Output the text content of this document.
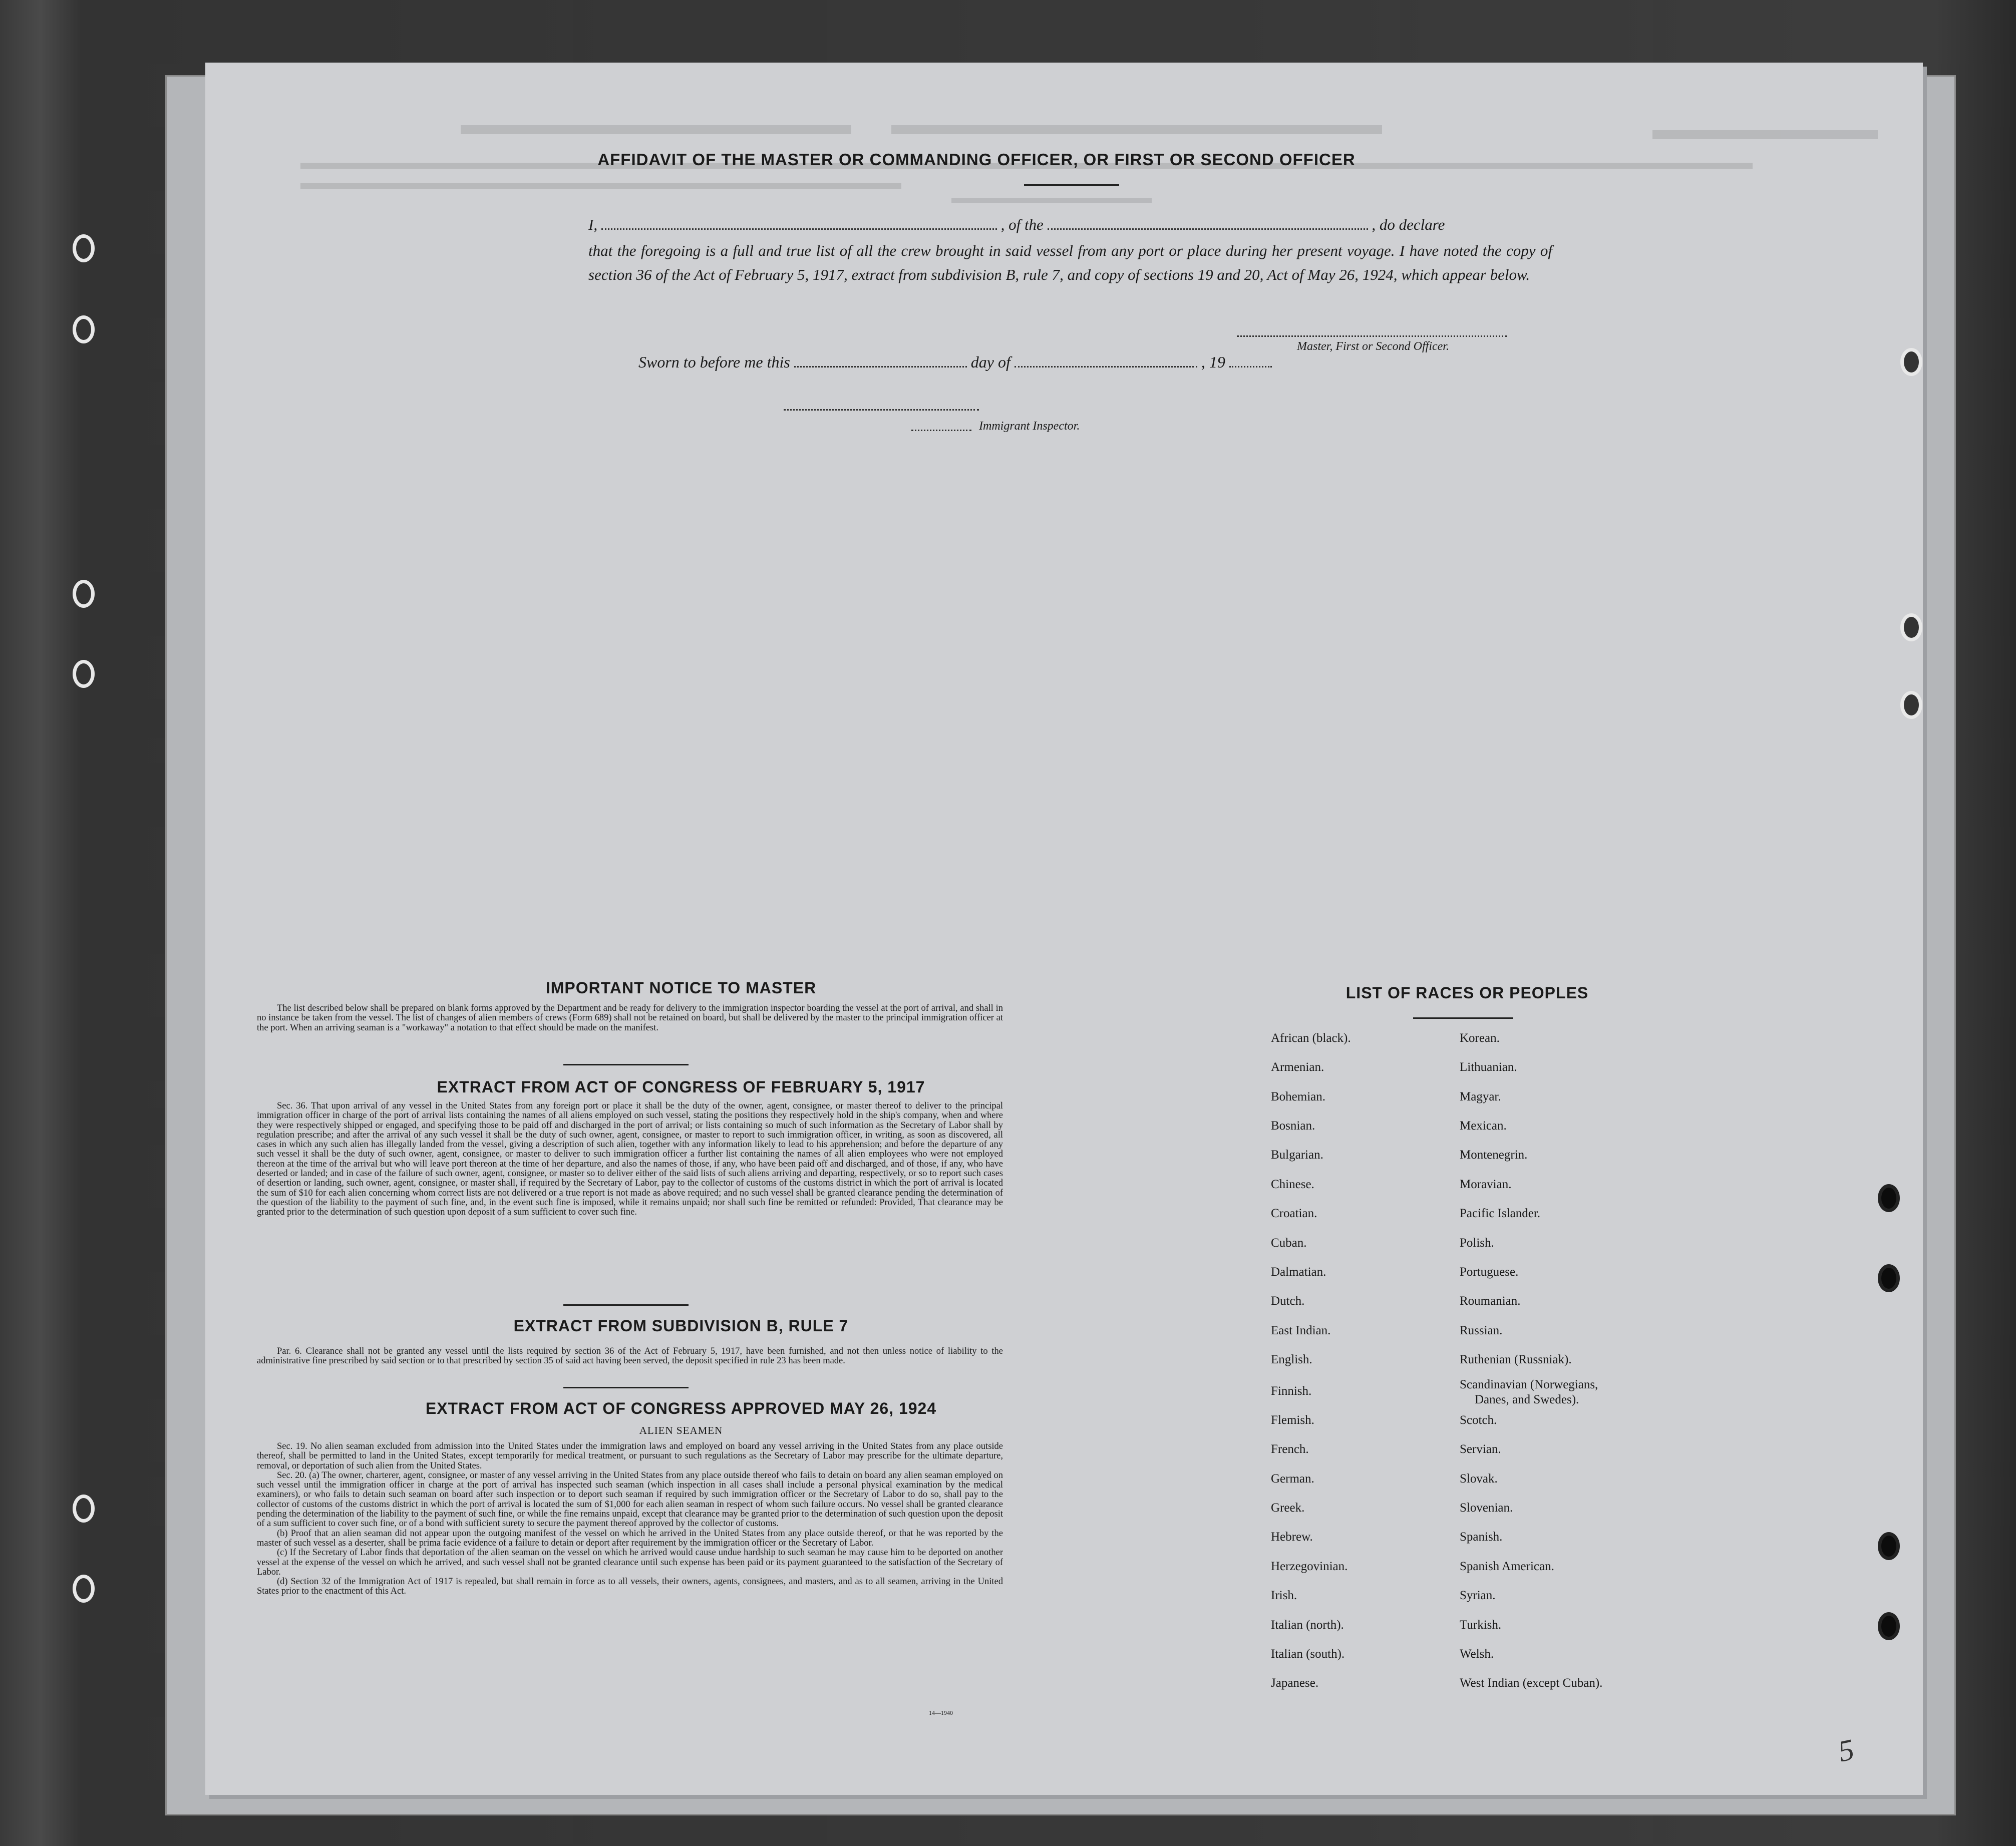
AFFIDAVIT OF THE MASTER OR COMMANDING OFFICER, OR FIRST OR SECOND OFFICER
I,	, of the	, do declare
that the foregoing is a full and true list of all the crew brought in said vessel from any port or place during her present voyage. I have noted the copy of section 36 of the Act of February 5, 1917, extract from subdivision B, rule 7, and copy of sections 19 and 20, Act of May 26, 1924, which appear below.
Master, First or Second Officer.
Sworn to before me this	day of	, 19
Immigrant Inspector.
IMPORTANT NOTICE TO MASTER

The list described below shall be prepared on blank forms approved by the Department and be ready for delivery to the immigration inspector boarding the vessel at the port of arrival, and shall in no instance be taken from the vessel. The list of changes of alien members of crews (Form 689) shall not be retained on board, but shall be delivered by the master to the principal immigration officer at the port. When an arriving seaman is a "workaway" a notation to that effect should be made on the manifest.

EXTRACT FROM ACT OF CONGRESS OF FEBRUARY 5, 1917

Sec. 36. That upon arrival of any vessel in the United States from any foreign port or place it shall be the duty of the owner, agent, consignee, or master thereof to deliver to the principal immigration officer in charge of the port of arrival lists containing the names of all aliens employed on such vessel, stating the positions they respectively hold in the ship's company, when and where they were respectively shipped or engaged, and specifying those to be paid off and discharged in the port of arrival; or lists containing so much of such information as the Secretary of Labor shall by regulation prescribe; and after the arrival of any such vessel it shall be the duty of such owner, agent, consignee, or master to report to such immigration officer, in writing, as soon as discovered, all cases in which any such alien has illegally landed from the vessel, giving a description of such alien, together with any information likely to lead to his apprehension; and before the departure of any such vessel it shall be the duty of such owner, agent, consignee, or master to deliver to such immigration officer a further list containing the names of all alien employees who were not employed thereon at the time of the arrival but who will leave port thereon at the time of her departure, and also the names of those, if any, who have been paid off and discharged, and of those, if any, who have deserted or landed; and in case of the failure of such owner, agent, consignee, or master so to deliver either of the said lists of such aliens arriving and departing, respectively, or so to report such cases of desertion or landing, such owner, agent, consignee, or master shall, if required by the Secretary of Labor, pay to the collector of customs of the customs district in which the port of arrival is located the sum of $10 for each alien concerning whom correct lists are not delivered or a true report is not made as above required; and no such vessel shall be granted clearance pending the determination of the question of the liability to the payment of such fine, and, in the event such fine is imposed, while it remains unpaid; nor shall such fine be remitted or refunded: Provided, That clearance may be granted prior to the determination of such question upon deposit of a sum sufficient to cover such fine.

EXTRACT FROM SUBDIVISION B, RULE 7

Par. 6. Clearance shall not be granted any vessel until the lists required by section 36 of the Act of February 5, 1917, have been furnished, and not then unless notice of liability to the administrative fine prescribed by said section or to that prescribed by section 35 of said act having been served, the deposit specified in rule 23 has been made.

EXTRACT FROM ACT OF CONGRESS APPROVED MAY 26, 1924
ALIEN SEAMEN

Sec. 19. No alien seaman excluded from admission into the United States under the immigration laws and employed on board any vessel arriving in the United States from any place outside thereof, shall be permitted to land in the United States, except temporarily for medical treatment, or pursuant to such regulations as the Secretary of Labor may prescribe for the ultimate departure, removal, or deportation of such alien from the United States.

Sec. 20. (a) The owner, charterer, agent, consignee, or master of any vessel arriving in the United States from any place outside thereof who fails to detain on board any alien seaman employed on such vessel until the immigration officer in charge at the port of arrival has inspected such seaman (which inspection in all cases shall include a personal physical examination by the medical examiners), or who fails to detain such seaman on board after such inspection or to deport such seaman if required by such immigration officer or the Secretary of Labor to do so, shall pay to the collector of customs of the customs district in which the port of arrival is located the sum of $1,000 for each alien seaman in respect of whom such failure occurs. No vessel shall be granted clearance pending the determination of the liability to the payment of such fine, or while the fine remains unpaid, except that clearance may be granted prior to the determination of such question upon the deposit of a sum sufficient to cover such fine, or of a bond with sufficient surety to secure the payment thereof approved by the collector of customs.

(b) Proof that an alien seaman did not appear upon the outgoing manifest of the vessel on which he arrived in the United States from any place outside thereof, or that he was reported by the master of such vessel as a deserter, shall be prima facie evidence of a failure to detain or deport after requirement by the immigration officer or the Secretary of Labor.

(c) If the Secretary of Labor finds that deportation of the alien seaman on the vessel on which he arrived would cause undue hardship to such seaman he may cause him to be deported on another vessel at the expense of the vessel on which he arrived, and such vessel shall not be granted clearance until such expense has been paid or its payment guaranteed to the satisfaction of the Secretary of Labor.

(d) Section 32 of the Immigration Act of 1917 is repealed, but shall remain in force as to all vessels, their owners, agents, consignees, and masters, and as to all seamen, arriving in the United States prior to the enactment of this Act.

14—1940
LIST OF RACES OR PEOPLES
African (black).
Armenian.
Bohemian.
Bosnian.
Bulgarian.
Chinese.
Croatian.
Cuban.
Dalmatian.
Dutch.
East Indian.
English.
Finnish.
Flemish.
French.
German.
Greek.
Hebrew.
Herzegovinian.
Irish.
Italian (north).
Italian (south).
Japanese.
Korean.
Lithuanian.
Magyar.
Mexican.
Montenegrin.
Moravian.
Pacific Islander.
Polish.
Portuguese.
Roumanian.
Russian.
Ruthenian (Russniak).
Scandinavian (Norwegians,
Danes, and Swedes).
Scotch.
Servian.
Slovak.
Slovenian.
Spanish.
Spanish American.
Syrian.
Turkish.
Welsh.
West Indian (except Cuban).
5
